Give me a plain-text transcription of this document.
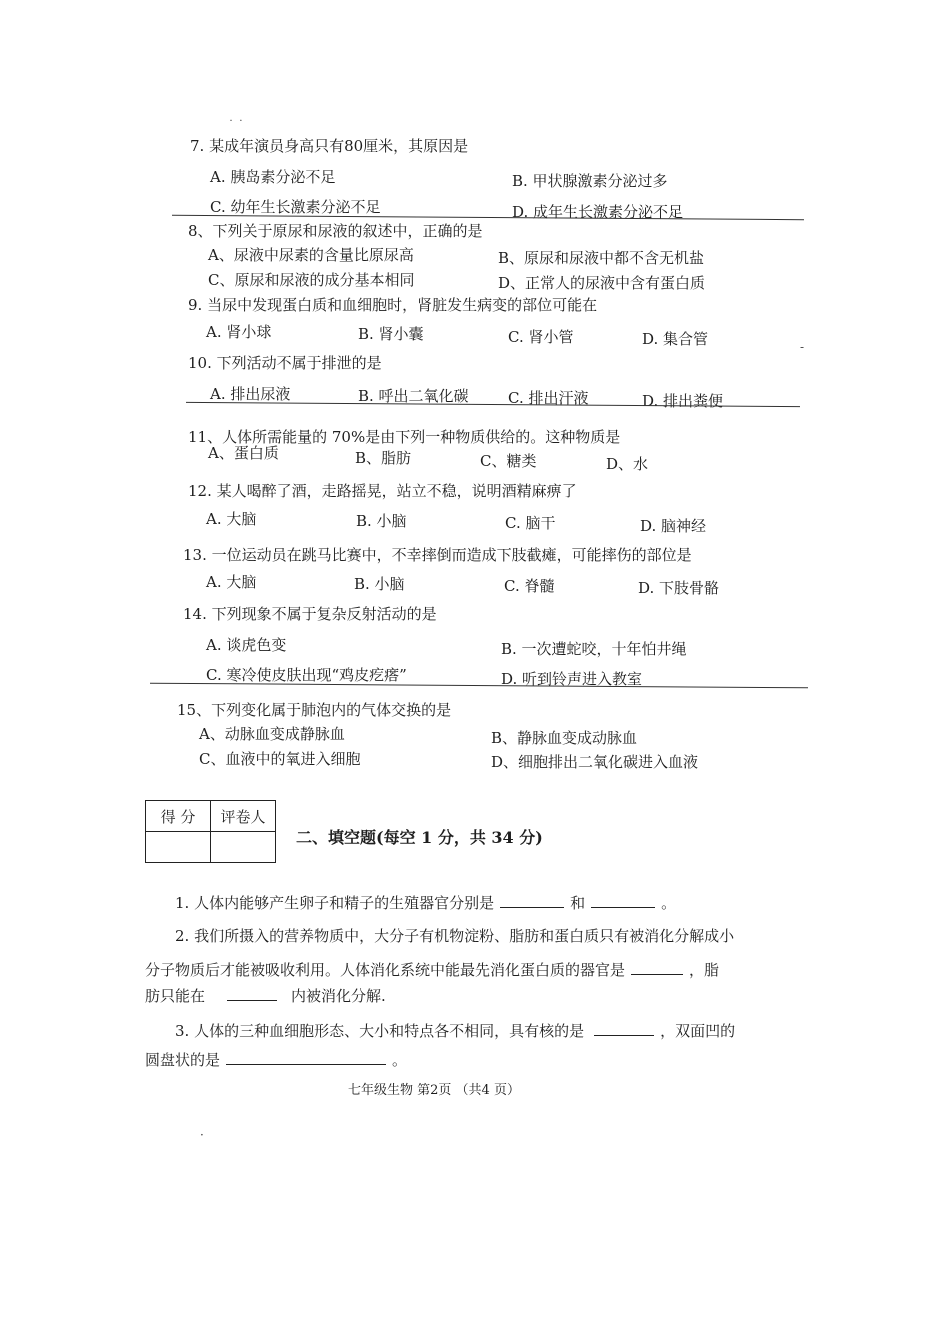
˙ ˙
7. 某成年演员身高只有80厘米，其原因是
A. 胰岛素分泌不足	B. 甲状腺激素分泌过多
C. 幼年生长激素分泌不足	D. 成年生长激素分泌不足
8、下列关于原尿和尿液的叙述中，正确的是
A、尿液中尿素的含量比原尿高	B、原尿和尿液中都不含无机盐
C、原尿和尿液的成分基本相同	D、正常人的尿液中含有蛋白质
9. 当尿中发现蛋白质和血细胞时，肾脏发生病变的部位可能在
A. 肾小球	B. 肾小囊	C. 肾小管	D. 集合管
10. 下列活动不属于排泄的是
A. 排出尿液	B. 呼出二氧化碳	C. 排出汗液	D. 排出粪便
11、人体所需能量的 70%是由下列一种物质供给的。这种物质是
A、蛋白质	B、脂肪	C、糖类	D、水
12. 某人喝醉了酒，走路摇晃，站立不稳，说明酒精麻痹了
A. 大脑	B. 小脑	C. 脑干	D. 脑神经
13. 一位运动员在跳马比赛中，不幸摔倒而造成下肢截瘫，可能摔伤的部位是
A. 大脑	B. 小脑	C. 脊髓	D. 下肢骨骼
14. 下列现象不属于复杂反射活动的是
A. 谈虎色变	B. 一次遭蛇咬，十年怕井绳
C. 寒冷使皮肤出现“鸡皮疙瘩”	D. 听到铃声进入教室
15、下列变化属于肺泡内的气体交换的是
A、动脉血变成静脉血	B、静脉血变成动脉血
C、血液中的氧进入细胞	D、细胞排出二氧化碳进入血液
得 分	评卷人

二、填空题(每空 1 分，共 34 分)
1. 人体内能够产生卵子和精子的生殖器官分别是	和	。
2. 我们所摄入的营养物质中，大分子有机物淀粉、脂肪和蛋白质只有被消化分解成小
分子物质后才能被吸收利用。人体消化系统中能最先消化蛋白质的器官是	，脂
肪只能在	内被消化分解.
3. 人体的三种血细胞形态、大小和特点各不相同，具有核的是	，双面凹的
圆盘状的是	。
七年级生物 第2页 （共4 页）
-
·
